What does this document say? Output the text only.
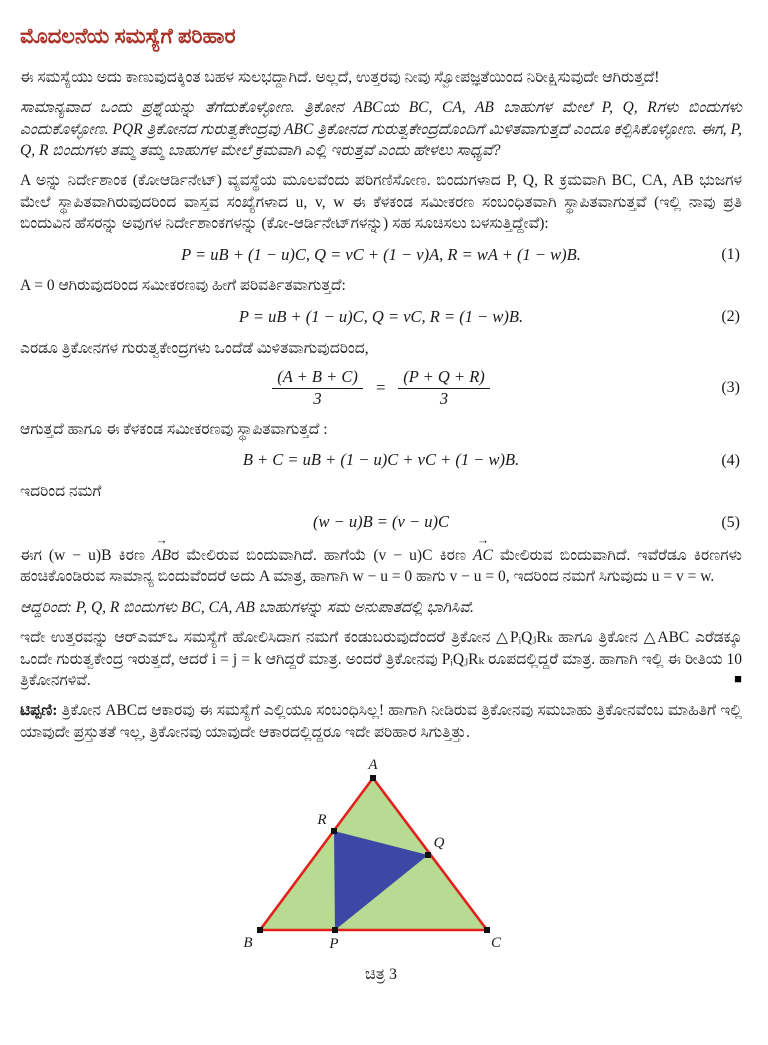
ಮೊದಲನೆಯ ಸಮಸ್ಯೆಗೆ ಪರಿಹಾರ

ಈ ಸಮಸ್ಯೆಯು ಅದು ಕಾಣುವುದಕ್ಕಿಂತ ಬಹಳ ಸುಲಭದ್ದಾಗಿದೆ. ಅಲ್ಲದೆ, ಉತ್ತರವು ನೀವು ಸ್ವೋಪಜ್ಞತೆಯಿಂದ ನಿರೀಕ್ಷಿಸುವುದೇ ಆಗಿರುತ್ತದೆ!

ಸಾಮಾನ್ಯವಾದ ಒಂದು ಪ್ರಶ್ನೆಯನ್ನು ತೆಗೆದುಕೊಳ್ಳೋಣ. ತ್ರಿಕೋನ ABCಯ BC, CA, AB ಬಾಹುಗಳ ಮೇಲೆ P, Q, Rಗಳು ಬಿಂದುಗಳು ಎಂದುಕೊಳ್ಳೋಣ. PQR ತ್ರಿಕೋನದ ಗುರುತ್ವಕೇಂದ್ರವು ABC ತ್ರಿಕೋನದ ಗುರುತ್ವಕೇಂದ್ರದೊಂದಿಗೆ ಮಿಳಿತವಾಗುತ್ತದೆ ಎಂದೂ ಕಲ್ಪಿಸಿಕೊಳ್ಳೋಣ. ಈಗ, P, Q, R ಬಿಂದುಗಳು ತಮ್ಮ ತಮ್ಮ ಬಾಹುಗಳ ಮೇಲೆ ಕ್ರಮವಾಗಿ ಎಲ್ಲಿ ಇರುತ್ತವೆ ಎಂದು ಹೇಳಲು ಸಾಧ್ಯವೆ?

A ಅನ್ನು ನಿರ್ದೇಶಾಂಕ (ಕೋಆರ್ಡಿನೇಟ್) ವ್ಯವಸ್ಥೆಯ ಮೂಲವೆಂದು ಪರಿಗಣಿಸೋಣ. ಬಿಂದುಗಳಾದ P, Q, R ಕ್ರಮವಾಗಿ BC, CA, AB ಭುಜಗಳ ಮೇಲೆ ಸ್ಥಾಪಿತವಾಗಿರುವುದರಿಂದ ವಾಸ್ತವ ಸಂಖ್ಯೆಗಳಾದ u, v, w ಈ ಕೆಳಕಂಡ ಸಮೀಕರಣ ಸಂಬಂಧಿತವಾಗಿ ಸ್ಥಾಪಿತವಾಗುತ್ತವೆ (ಇಲ್ಲಿ ನಾವು ಪ್ರತಿ ಬಿಂದುವಿನ ಹೆಸರನ್ನು ಅವುಗಳ ನಿರ್ದೇಶಾಂಕಗಳನ್ನು (ಕೋ-ಆರ್ಡಿನೇಟ್‌ಗಳನ್ನು) ಸಹ ಸೂಚಿಸಲು ಬಳಸುತ್ತಿದ್ದೇವೆ):

P = uB + (1 − u)C, Q = vC + (1 − v)A, R = wA + (1 − w)B.	(1)

A = 0 ಆಗಿರುವುದರಿಂದ ಸಮೀಕರಣವು ಹೀಗೆ ಪರಿವರ್ತಿತವಾಗುತ್ತದೆ:

P = uB + (1 − u)C, Q = vC, R = (1 − w)B.	(2)

ಎರಡೂ ತ್ರಿಕೋನಗಳ ಗುರುತ್ವಕೇಂದ್ರಗಳು ಒಂದೆಡೆ ಮಿಳಿತವಾಗುವುದರಿಂದ,

$\frac{(A + B + C)}{3} = \frac{(P + Q + R)}{3}$	(3)

ಆಗುತ್ತದೆ ಹಾಗೂ ಈ ಕೆಳಕಂಡ ಸಮೀಕರಣವು ಸ್ಥಾಪಿತವಾಗುತ್ತದೆ :

B + C = uB + (1 − u)C + vC + (1 − w)B.	(4)

ಇದರಿಂದ ನಮಗೆ

(w − u)B = (v − u)C	(5)

ಈಗ (w − u)B ಕಿರಣ
→
ABರ ಮೇಲಿರುವ ಬಿಂದುವಾಗಿದೆ. ಹಾಗೆಯೆ (v − u)C ಕಿರಣ
→
AC ಮೇಲಿರುವ ಬಿಂದುವಾಗಿದೆ. ಇವೆರೆಡೂ ಕಿರಣಗಳು ಹಂಚಿಕೊಂಡಿರುವ ಸಾಮಾನ್ಯ ಬಿಂದುವೆಂದರೆ ಅದು A ಮಾತ್ರ, ಹಾಗಾಗಿ w − u = 0 ಹಾಗು v − u = 0, ಇದರಿಂದ ನಮಗೆ ಸಿಗುವುದು u = v = w.

ಆದ್ದರಿಂದ: P, Q, R ಬಿಂದುಗಳು BC, CA, AB ಬಾಹುಗಳನ್ನು ಸಮ ಅನುಪಾತದಲ್ಲಿ ಭಾಗಿಸಿವೆ.

ಇದೇ ಉತ್ತರವನ್ನು ಆರ್‌ಎಮ್‌ಒ ಸಮಸ್ಯೆಗೆ ಹೋಲಿಸಿದಾಗ ನಮಗೆ ಕಂಡುಬರುವುದೆಂದರೆ ತ್ರಿಕೋನ △PᵢQⱼRₖ ಹಾಗೂ ತ್ರಿಕೋನ △ABC ಎರೆಡಕ್ಕೂ ಒಂದೇ ಗುರುತ್ವಕೇಂದ್ರ ಇರುತ್ತದೆ, ಆದರೆ i = j = k ಆಗಿದ್ದರೆ ಮಾತ್ರ. ಅಂದರೆ ತ್ರಿಕೋನವು PᵢQⱼRₖ ರೂಪದಲ್ಲಿದ್ದರೆ ಮಾತ್ರ. ಹಾಗಾಗಿ ಇಲ್ಲಿ ಈ ರೀತಿಯ 10 ತ್ರಿಕೋನಗಳಿವೆ.	■

ಟಿಪ್ಪಣಿ: ತ್ರಿಕೋನ ABCದ ಆಕಾರವು ಈ ಸಮಸ್ಯೆಗೆ ಎಲ್ಲಿಯೂ ಸಂಬಂಧಿಸಿಲ್ಲ! ಹಾಗಾಗಿ ನೀಡಿರುವ ತ್ರಿಕೋನವು ಸಮಬಾಹು ತ್ರಿಕೋನವೆಂಬ ಮಾಹಿತಿಗೆ ಇಲ್ಲಿ ಯಾವುದೇ ಪ್ರಸ್ತುತತೆ ಇಲ್ಲ, ತ್ರಿಕೋನವು ಯಾವುದೇ ಆಕಾರದಲ್ಲಿದ್ದರೂ ಇದೇ ಪರಿಹಾರ ಸಿಗುತ್ತಿತ್ತು.

A
B	C
P
Q
R
ಚಿತ್ರ 3
